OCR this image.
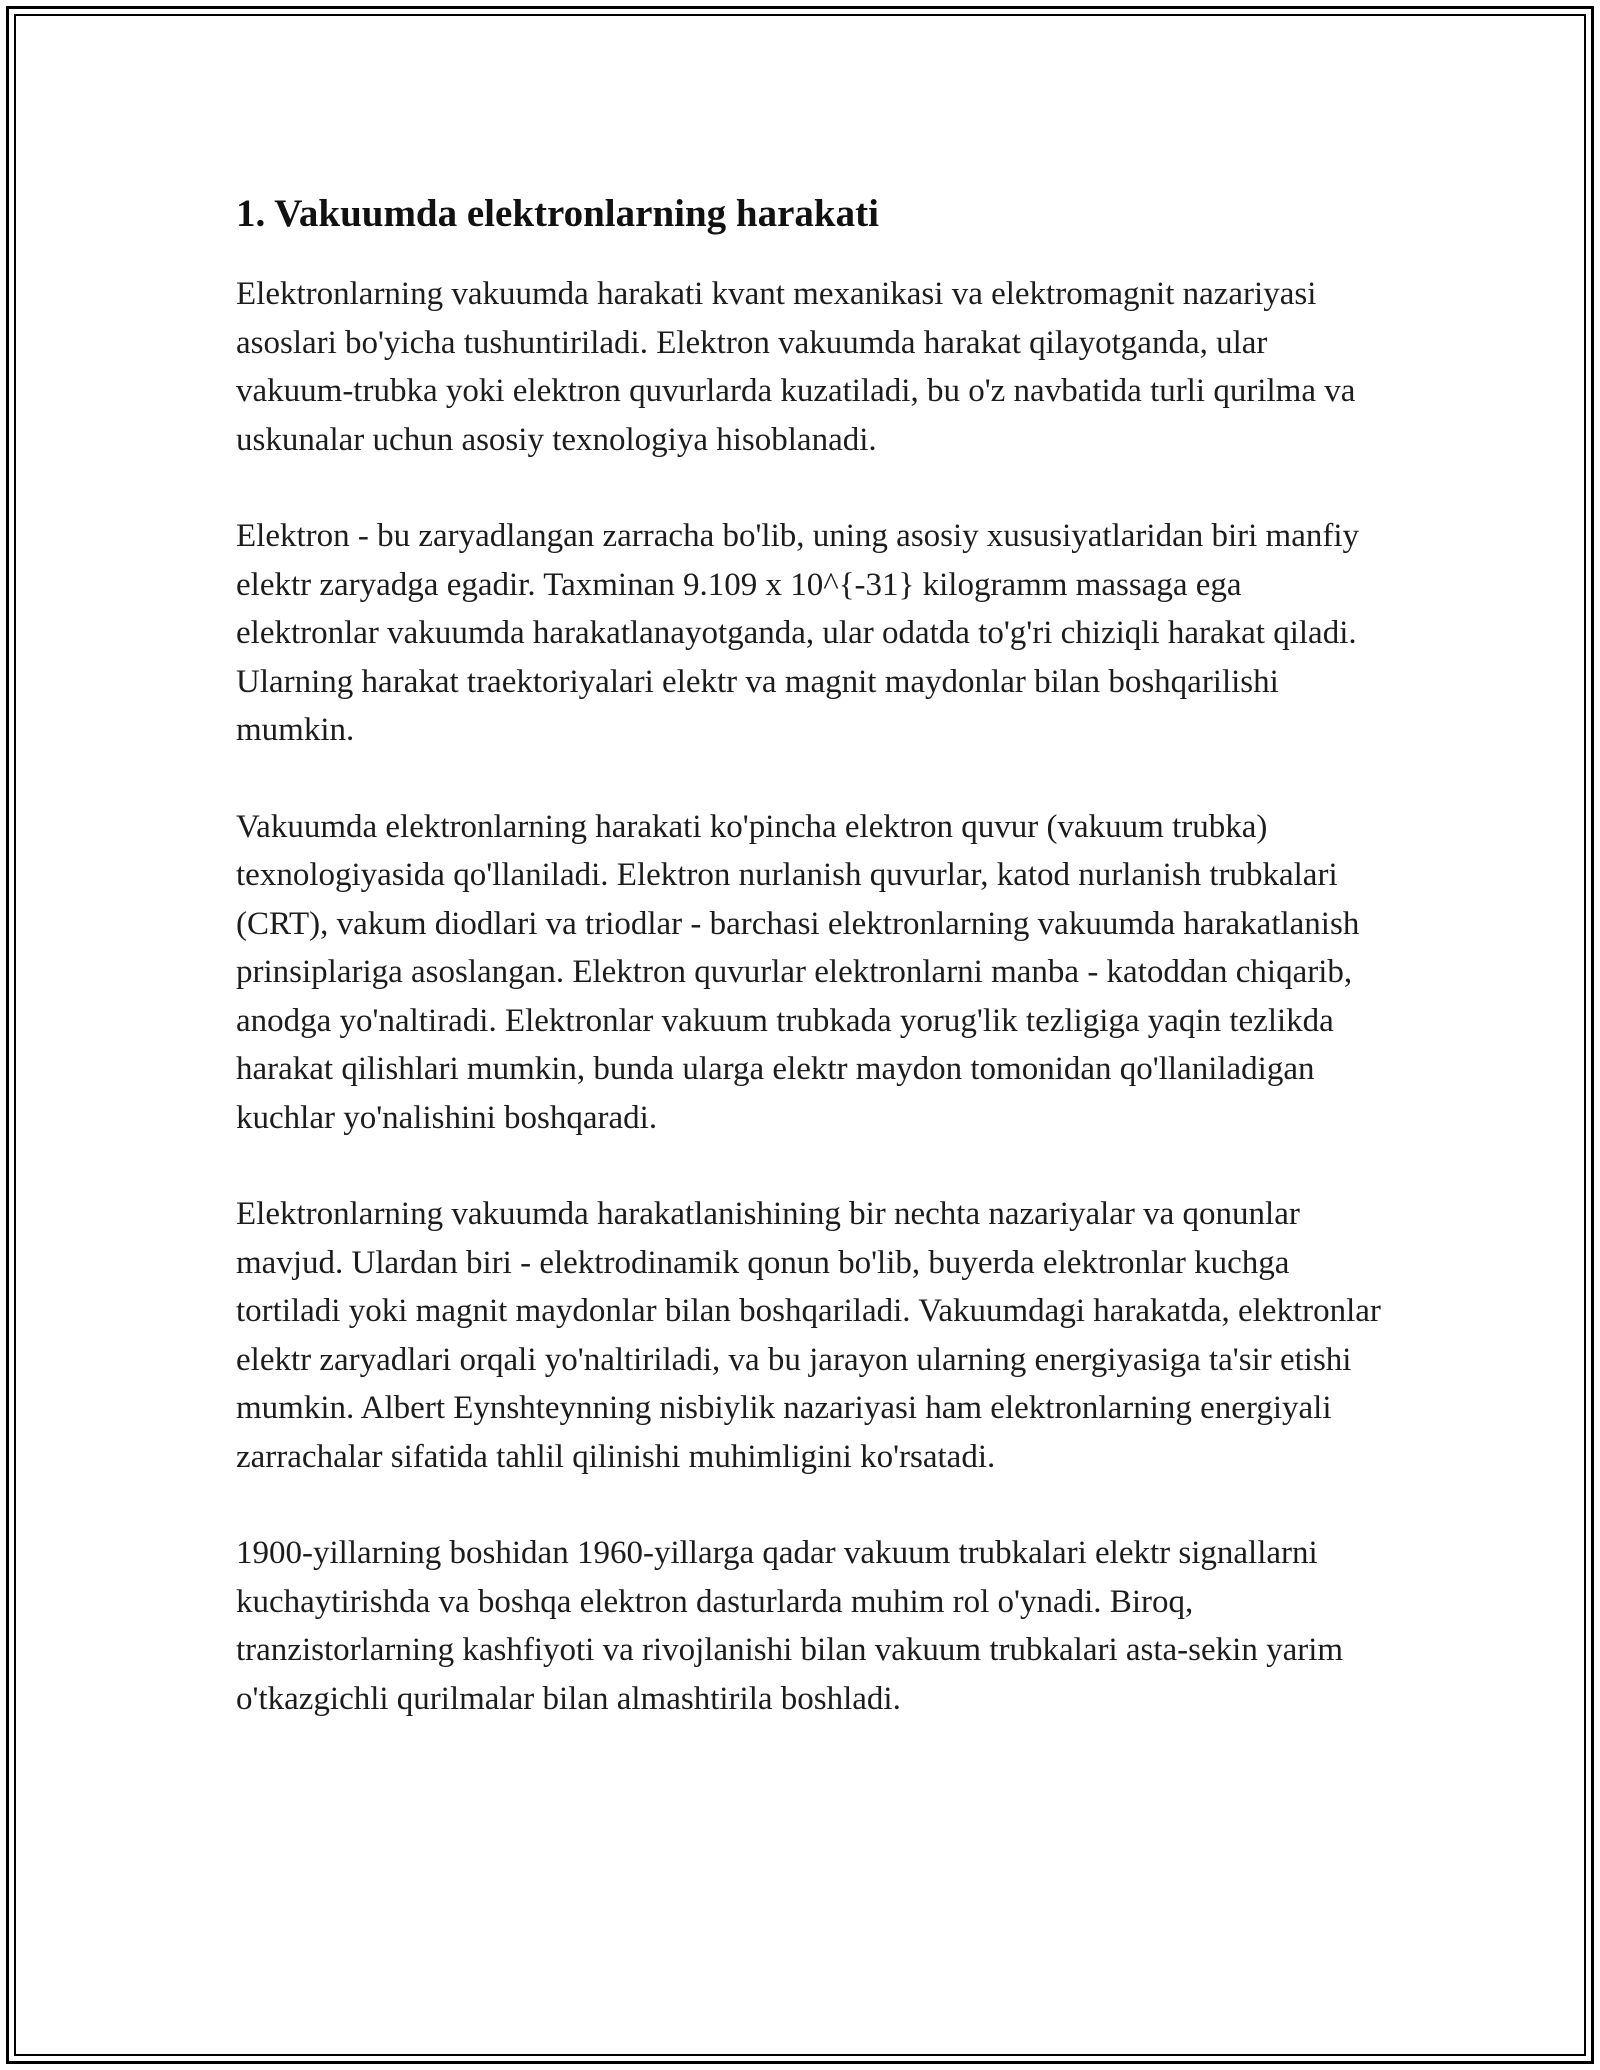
1. Vakuumda elektronlarning harakati

Elektronlarning vakuumda harakati kvant mexanikasi va elektromagnit nazariyasi asoslari bo'yicha tushuntiriladi. Elektron vakuumda harakat qilayotganda, ular vakuum-trubka yoki elektron quvurlarda kuzatiladi, bu o'z navbatida turli qurilma va uskunalar uchun asosiy texnologiya hisoblanadi.

Elektron - bu zaryadlangan zarracha bo'lib, uning asosiy xususiyatlaridan biri manfiy elektr zaryadga egadir. Taxminan 9.109 x 10^{-31} kilogramm massaga ega elektronlar vakuumda harakatlanayotganda, ular odatda to'g'ri chiziqli harakat qiladi. Ularning harakat traektoriyalari elektr va magnit maydonlar bilan boshqarilishi mumkin.

Vakuumda elektronlarning harakati ko'pincha elektron quvur (vakuum trubka) texnologiyasida qo'llaniladi. Elektron nurlanish quvurlar, katod nurlanish trubkalari (CRT), vakum diodlari va triodlar - barchasi elektronlarning vakuumda harakatlanish prinsiplariga asoslangan. Elektron quvurlar elektronlarni manba - katoddan chiqarib, anodga yo'naltiradi. Elektronlar vakuum trubkada yorug'lik tezligiga yaqin tezlikda harakat qilishlari mumkin, bunda ularga elektr maydon tomonidan qo'llaniladigan kuchlar yo'nalishini boshqaradi.

Elektronlarning vakuumda harakatlanishining bir nechta nazariyalar va qonunlar mavjud. Ulardan biri - elektrodinamik qonun bo'lib, buyerda elektronlar kuchga tortiladi yoki magnit maydonlar bilan boshqariladi. Vakuumdagi harakatda, elektronlar elektr zaryadlari orqali yo'naltiriladi, va bu jarayon ularning energiyasiga ta'sir etishi mumkin. Albert Eynshteynning nisbiylik nazariyasi ham elektronlarning energiyali zarrachalar sifatida tahlil qilinishi muhimligini ko'rsatadi.

1900-yillarning boshidan 1960-yillarga qadar vakuum trubkalari elektr signallarni kuchaytirishda va boshqa elektron dasturlarda muhim rol o'ynadi. Biroq, tranzistorlarning kashfiyoti va rivojlanishi bilan vakuum trubkalari asta-sekin yarim o'tkazgichli qurilmalar bilan almashtirila boshladi.
